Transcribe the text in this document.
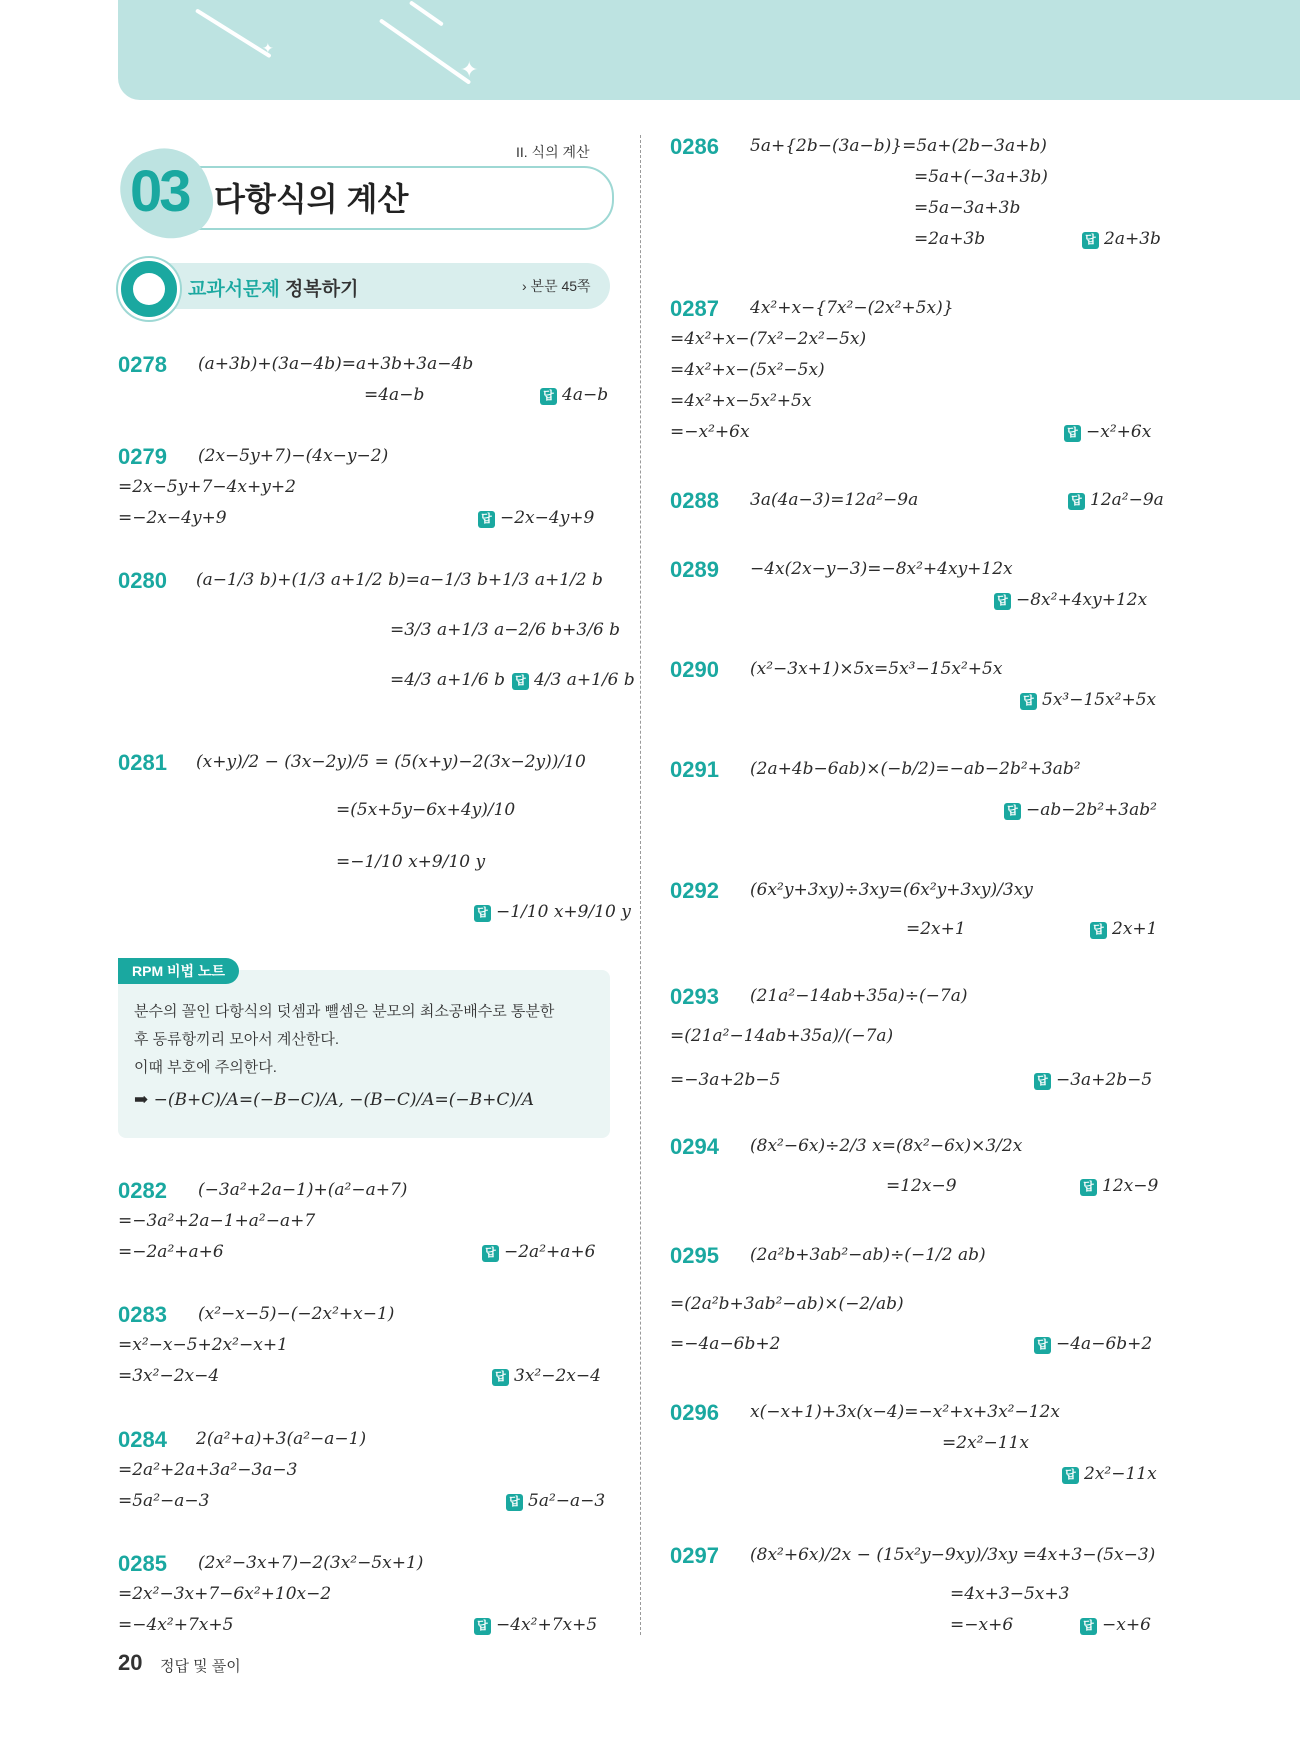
✦
✦
03 다항식의 계산
II. 식의 계산
교과서문제 정복하기	› 본문 45쪽
0278 (a+3b)+(3a−4b)=a+3b+3a−4b
=4a−b	답 4a−b
0279 (2x−5y+7)−(4x−y−2)
=2x−5y+7−4x+y+2
=−2x−4y+9	답 −2x−4y+9
0280 (a−1/3 b)+(1/3 a+1/2 b)=a−1/3 b+1/3 a+1/2 b
=3/3 a+1/3 a−2/6 b+3/6 b
=4/3 a+1/6 b 답 4/3 a+1/6 b
0281 (x+y)/2 − (3x−2y)/5 = (5(x+y)−2(3x−2y))/10
=(5x+5y−6x+4y)/10
=−1/10 x+9/10 y
답 −1/10 x+9/10 y
RPM 비법 노트
분수의 꼴인 다항식의 덧셈과 뺄셈은 분모의 최소공배수로 통분한
후 동류항끼리 모아서 계산한다.
이때 부호에 주의한다.
➡ −(B+C)/A=(−B−C)/A, −(B−C)/A=(−B+C)/A
0282 (−3a²+2a−1)+(a²−a+7)
=−3a²+2a−1+a²−a+7
=−2a²+a+6	답 −2a²+a+6
0283 (x²−x−5)−(−2x²+x−1)
=x²−x−5+2x²−x+1
=3x²−2x−4	답 3x²−2x−4
0284 2(a²+a)+3(a²−a−1)
=2a²+2a+3a²−3a−3
=5a²−a−3	답 5a²−a−3
0285 (2x²−3x+7)−2(3x²−5x+1)
=2x²−3x+7−6x²+10x−2
=−4x²+7x+5	답 −4x²+7x+5
0286 5a+{2b−(3a−b)}=5a+(2b−3a+b)
=5a+(−3a+3b)
=5a−3a+3b
=2a+3b	답 2a+3b
0287 4x²+x−{7x²−(2x²+5x)}
=4x²+x−(7x²−2x²−5x)
=4x²+x−(5x²−5x)
=4x²+x−5x²+5x
=−x²+6x	답 −x²+6x
0288 3a(4a−3)=12a²−9a	답 12a²−9a
0289 −4x(2x−y−3)=−8x²+4xy+12x
답 −8x²+4xy+12x
0290 (x²−3x+1)×5x=5x³−15x²+5x
답 5x³−15x²+5x
0291 (2a+4b−6ab)×(−b/2)=−ab−2b²+3ab²
답 −ab−2b²+3ab²
0292 (6x²y+3xy)÷3xy=(6x²y+3xy)/3xy
=2x+1	답 2x+1
0293 (21a²−14ab+35a)÷(−7a)
=(21a²−14ab+35a)/(−7a)
=−3a+2b−5	답 −3a+2b−5
0294 (8x²−6x)÷2/3 x=(8x²−6x)×3/2x
=12x−9	답 12x−9
0295 (2a²b+3ab²−ab)÷(−1/2 ab)
=(2a²b+3ab²−ab)×(−2/ab)
=−4a−6b+2	답 −4a−6b+2
0296 x(−x+1)+3x(x−4)=−x²+x+3x²−12x
=2x²−11x
답 2x²−11x
0297 (8x²+6x)/2x − (15x²y−9xy)/3xy =4x+3−(5x−3)
=4x+3−5x+3
=−x+6	답 −x+6
20 정답 및 풀이
